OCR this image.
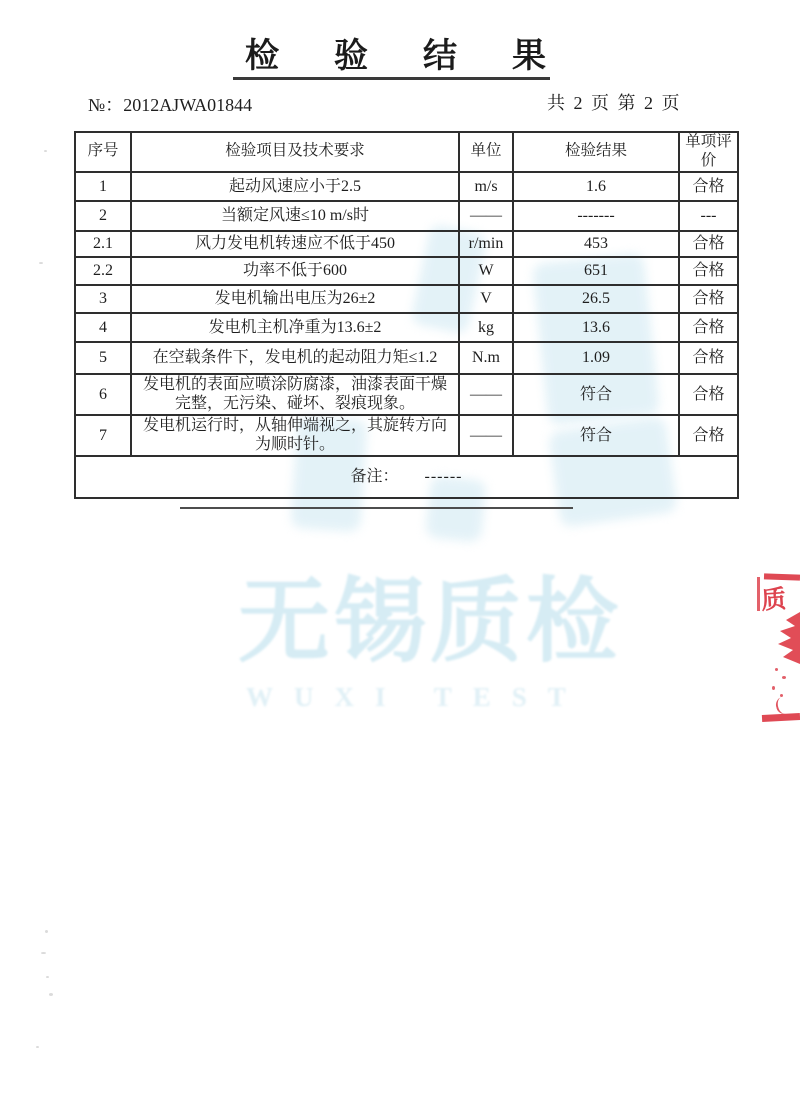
无锡质检
WUXI TEST
检验结果
№：2012AJWA01844	共 2 页 第 2 页
序号	检验项目及技术要求	单位	检验结果	单项评价
1	起动风速应小于2.5	m/s	1.6	合格
2	当额定风速≤10 m/s时	——	-------	---
2.1	风力发电机转速应不低于450	r/min	453	合格
2.2	功率不低于600	W	651	合格
3	发电机输出电压为26±2	V	26.5	合格
4	发电机主机净重为13.6±2	kg	13.6	合格
5	在空载条件下，发电机的起动阻力矩≤1.2	N.m	1.09	合格
6	发电机的表面应喷涂防腐漆，油漆表面干燥完整，无污染、碰坏、裂痕现象。	——	符合	合格
7	发电机运行时，从轴伸端视之，其旋转方向为顺时针。	——	符合	合格
备注： ------				
质
